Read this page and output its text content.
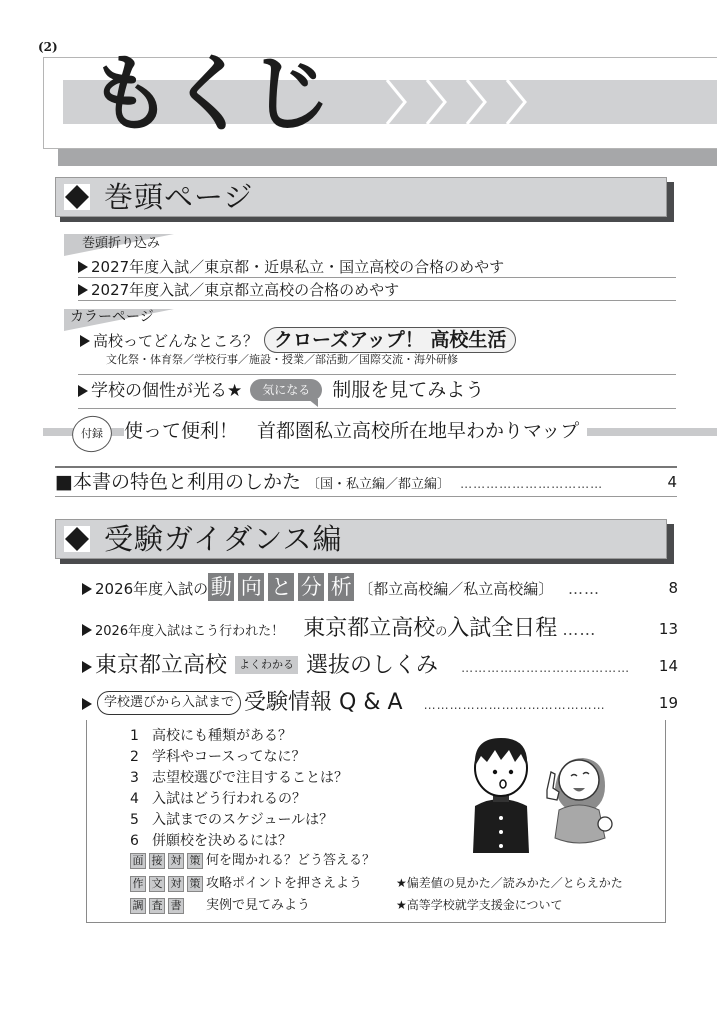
(2) もくじ
巻頭ページ
巻頭折り込み
2027年度入試／東京都・近県私立・国立高校の合格のめやす
2027年度入試／東京都立高校の合格のめやす
カラーページ
高校ってどんなところ？ クローズアップ！ 高校生活
文化祭・体育祭／学校行事／施設・授業／部活動／国際交流・海外研修
学校の個性が光る★ 気になる 制服を見てみよう
付録	使って便利！　首都圏私立高校所在地早わかりマップ
■本書の特色と利用のしかた 〔国・私立編／都立編〕 ……………………………	4
受験ガイダンス編
2026年度入試の 動 向 と 分 析 〔都立高校編／私立高校編〕 ……	8
2026年度入試はこう行われた！ 東京都立高校の入試全日程 ……	13
東京都立高校 よくわかる 選抜のしくみ ………………………………… 14
学校選びから入試まで 受験情報 Q & A ……………………………………	19
1 高校にも種類がある？
2 学科やコースってなに？
3 志望校選びで注目することは？
4 入試はどう行われるの？
5 入試までのスケジュールは？
6 併願校を決めるには？
面 接 対 策 何を聞かれる？どう答える？
作 文 対 策 攻略ポイントを押さえよう	★偏差値の見かた／読みかた／とらえかた
調 査 書 実例で見てみよう	★高等学校就学支援金について
